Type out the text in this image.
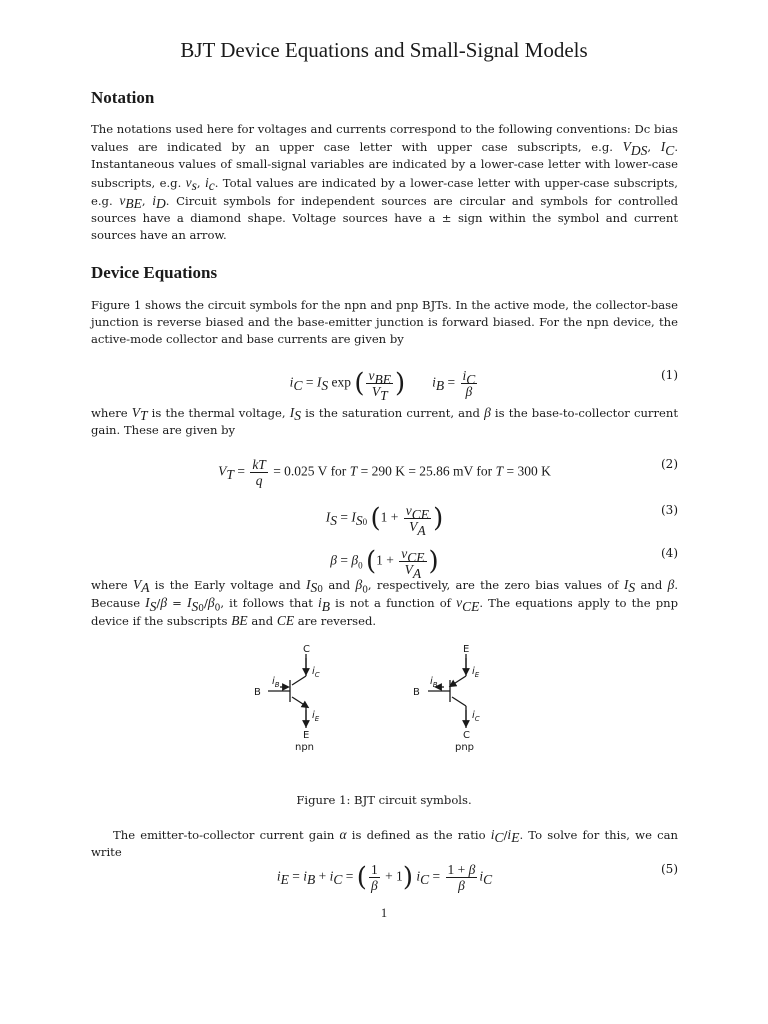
BJT Device Equations and Small-Signal Models
Notation
The notations used here for voltages and currents correspond to the following conventions: Dc bias values are indicated by an upper case letter with upper case subscripts, e.g. $V_{DS}$, $I_C$. Instantaneous values of small-signal variables are indicated by a lower-case letter with lower-case subscripts, e.g. $v_s$, $i_c$. Total values are indicated by a lower-case letter with upper-case subscripts, e.g. $v_{BE}$, $i_D$. Circuit symbols for independent sources are circular and symbols for controlled sources have a diamond shape. Voltage sources have a ± sign within the symbol and current sources have an arrow.
Device Equations
Figure 1 shows the circuit symbols for the npn and pnp BJTs. In the active mode, the collector-base junction is reverse biased and the base-emitter junction is forward biased. For the npn device, the active-mode collector and base currents are given by
$i_C = I_S$ exp ( $\frac{v_{BE}}{V_T}$ ) $i_B = \frac{i_C}{\beta}$	(1)
where $V_T$ is the thermal voltage, $I_S$ is the saturation current, and β is the base-to-collector current gain. These are given by
$V_T = \frac{kT}{q} = 0.025$ V for T = 290 K = 25.86 mV for T = 300 K	(2)
$I_S = I_{S0}$ ($1 + \frac{v_{CE}}{V_A}$ )	(3)
$\beta = \beta_0$ ($1 + \frac{v_{CE}}{V_A}$ )	(4)
where $V_A$ is the Early voltage and $I_{S0}$ and $\beta_0$, respectively, are the zero bias values of $I_S$ and β. Because $I_S/\beta = I_{S0}/\beta_0$, it follows that $i_B$ is not a function of $v_{CE}$. The equations apply to the pnp device if the subscripts BE and CE are reversed.
C
B
E
npn
$i_B$
$i_C$
$i_E$
E
B
C
pnp
$i_B$
$i_E$
$i_C$
Figure 1: BJT circuit symbols.
The emitter-to-collector current gain α is defined as the ratio $i_C/i_E$. To solve for this, we can write
$i_E = i_B + i_C$ = ( $\frac{1}{\beta} + 1$) $i_C = \frac{1 + \beta}{\beta} i_C$
(5)
1
